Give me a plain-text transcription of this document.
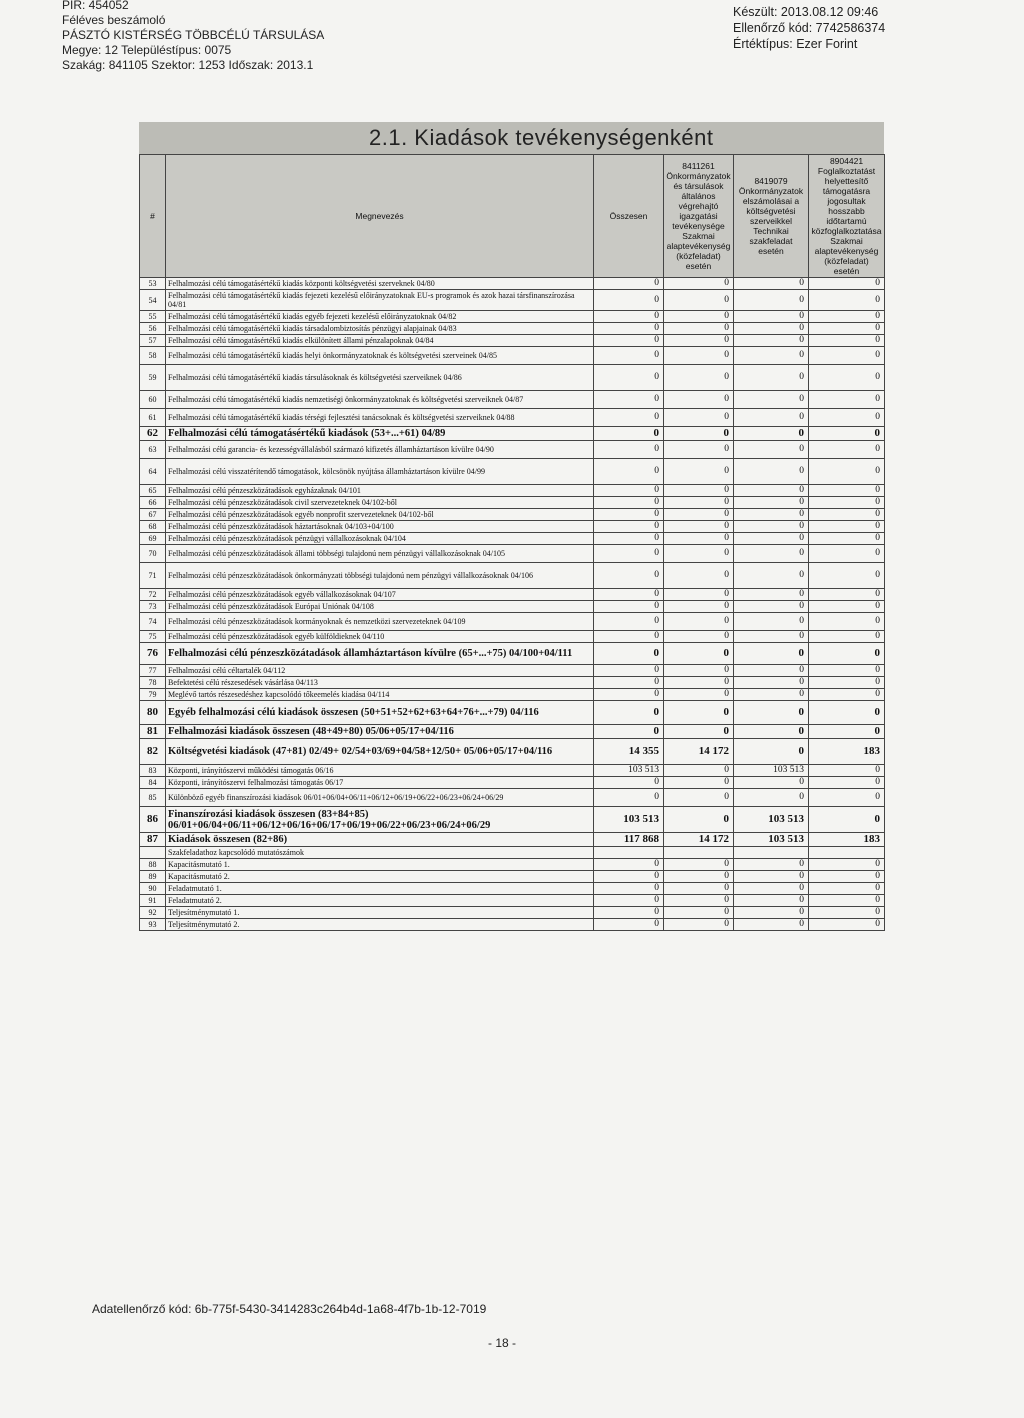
PIR: 454052
Féléves beszámoló
PÁSZTÓ KISTÉRSÉG TÖBBCÉLÚ TÁRSULÁSA
Megye: 12 Településtípus: 0075
Szakág: 841105 Szektor: 1253 Időszak: 2013.1
Készült: 2013.08.12 09:46
Ellenőrző kód: 7742586374
Értéktípus: Ezer Forint
2.1. Kiadások tevékenységenként
#	Megnevezés	Összesen	8411261 Önkormányzatok és társulások általános végrehajtó igazgatási tevékenysége Szakmai alaptevékenység (közfeladat) esetén	8419079 Önkormányzatok elszámolásai a költségvetési szerveikkel Technikai szakfeladat esetén	8904421 Foglalkoztatást helyettesítő támogatásra jogosultak hosszabb időtartamú közfoglalkoztatása Szakmai alaptevékenység (közfeladat) esetén
53	Felhalmozási célú támogatásértékű kiadás központi költségvetési szerveknek 04/80	0	0	0	0
54	Felhalmozási célú támogatásértékű kiadás fejezeti kezelésű előirányzatoknak EU-s programok és azok hazai társfinanszírozása 04/81	0	0	0	0
55	Felhalmozási célú támogatásértékű kiadás egyéb fejezeti kezelésű előirányzatoknak 04/82	0	0	0	0
56	Felhalmozási célú támogatásértékű kiadás társadalombiztosítás pénzügyi alapjainak 04/83	0	0	0	0
57	Felhalmozási célú támogatásértékű kiadás elkülönített állami pénzalapoknak 04/84	0	0	0	0
58	Felhalmozási célú támogatásértékű kiadás helyi önkormányzatoknak és költségvetési szerveinek 04/85	0	0	0	0
59	Felhalmozási célú támogatásértékű kiadás társulásoknak és költségvetési szerveiknek 04/86	0	0	0	0
60	Felhalmozási célú támogatásértékű kiadás nemzetiségi önkormányzatoknak és költségvetési szerveiknek 04/87	0	0	0	0
61	Felhalmozási célú támogatásértékű kiadás térségi fejlesztési tanácsoknak és költségvetési szerveiknek 04/88	0	0	0	0
62	Felhalmozási célú támogatásértékű kiadások (53+...+61) 04/89	0	0	0	0
63	Felhalmozási célú garancia- és kezességvállalásból származó kifizetés államháztartáson kívülre 04/90	0	0	0	0
64	Felhalmozási célú visszatérítendő támogatások, kölcsönök nyújtása államháztartáson kívülre 04/99	0	0	0	0
65	Felhalmozási célú pénzeszközátadások egyházaknak 04/101	0	0	0	0
66	Felhalmozási célú pénzeszközátadások civil szervezeteknek 04/102-ből	0	0	0	0
67	Felhalmozási célú pénzeszközátadások egyéb nonprofit szervezeteknek 04/102-ből	0	0	0	0
68	Felhalmozási célú pénzeszközátadások háztartásoknak 04/103+04/100	0	0	0	0
69	Felhalmozási célú pénzeszközátadások pénzügyi vállalkozásoknak 04/104	0	0	0	0
70	Felhalmozási célú pénzeszközátadások állami többségi tulajdonú nem pénzügyi vállalkozásoknak 04/105	0	0	0	0
71	Felhalmozási célú pénzeszközátadások önkormányzati többségi tulajdonú nem pénzügyi vállalkozásoknak 04/106	0	0	0	0
72	Felhalmozási célú pénzeszközátadások egyéb vállalkozásoknak 04/107	0	0	0	0
73	Felhalmozási célú pénzeszközátadások Európai Uniónak 04/108	0	0	0	0
74	Felhalmozási célú pénzeszközátadások kormányoknak és nemzetközi szervezeteknek 04/109	0	0	0	0
75	Felhalmozási célú pénzeszközátadások egyéb külföldieknek 04/110	0	0	0	0
76	Felhalmozási célú pénzeszközátadások államháztartáson kívülre (65+...+75) 04/100+04/111	0	0	0	0
77	Felhalmozási célú céltartalék 04/112	0	0	0	0
78	Befektetési célú részesedések vásárlása 04/113	0	0	0	0
79	Meglévő tartós részesedéshez kapcsolódó tőkeemelés kiadása 04/114	0	0	0	0
80	Egyéb felhalmozási célú kiadások összesen (50+51+52+62+63+64+76+...+79) 04/116	0	0	0	0
81	Felhalmozási kiadások összesen (48+49+80) 05/06+05/17+04/116	0	0	0	0
82	Költségvetési kiadások (47+81) 02/49+ 02/54+03/69+04/58+12/50+ 05/06+05/17+04/116	14 355	14 172	0	183
83	Központi, irányítószervi működési támogatás 06/16	103 513	0	103 513	0
84	Központi, irányítószervi felhalmozási támogatás 06/17	0	0	0	0
85	Különböző egyéb finanszírozási kiadások 06/01+06/04+06/11+06/12+06/19+06/22+06/23+06/24+06/29	0	0	0	0
86	Finanszírozási kiadások összesen (83+84+85) 06/01+06/04+06/11+06/12+06/16+06/17+06/19+06/22+06/23+06/24+06/29	103 513	0	103 513	0
87	Kiadások összesen (82+86)	117 868	14 172	103 513	183
	Szakfeladathoz kapcsolódó mutatószámok				
88	Kapacitásmutató 1.	0	0	0	0
89	Kapacitásmutató 2.	0	0	0	0
90	Feladatmutató 1.	0	0	0	0
91	Feladatmutató 2.	0	0	0	0
92	Teljesítménymutató 1.	0	0	0	0
93	Teljesítménymutató 2.	0	0	0	0
Adatellenőrző kód: 6b-775f-5430-3414283c264b4d-1a68-4f7b-1b-12-7019
- 18 -
